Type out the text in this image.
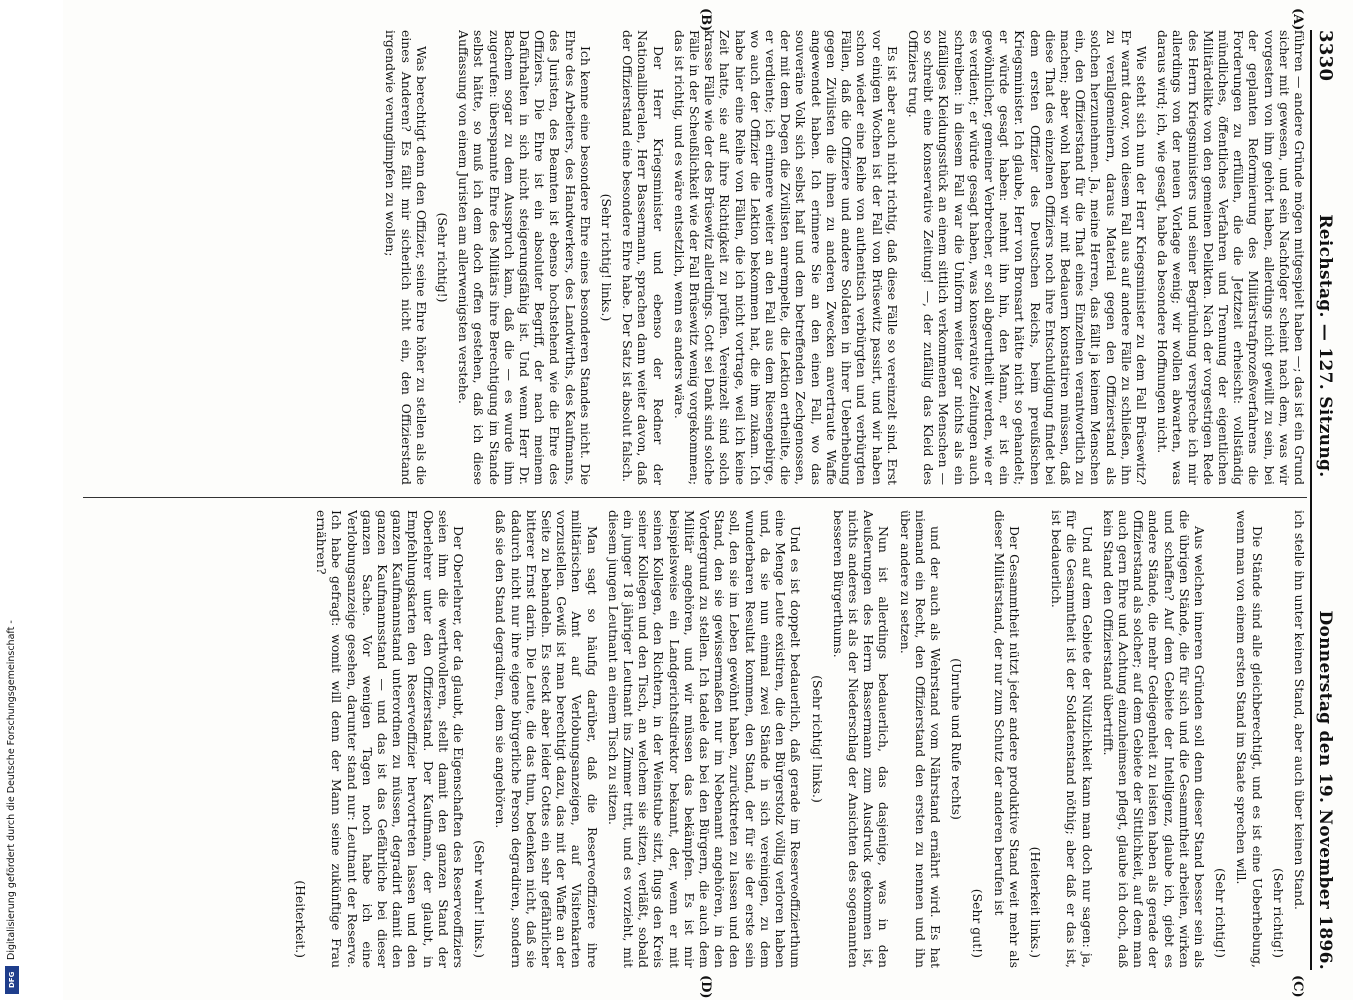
3330
Reichstag. — 127. Sitzung.
Donnerstag den 19. November 1896.
(A)
(B)
(C)
(D)

führen — andere Gründe mögen mitgespielt haben —; das ist ein Grund sicher mit gewesen, und sein Nachfolger scheint nach dem, was wir vorgestern von ihm gehört haben, allerdings nicht gewillt zu sein, bei der geplanten Reformierung des Militärstrafprozeßverfahrens die Forderungen zu erfüllen, die die Jetztzeit erheischt: vollständig mündliches, öffentliches Verfahren und Trennung der eigentlichen Militärdelikte von den gemeinen Delikten. Nach der vorgestrigen Rede des Herrn Kriegsministers und seiner Begründung verspreche ich mir allerdings von der neuen Vorlage wenig; wir wollen abwarten, was daraus wird; ich, wie gesagt, habe da besondere Hoffnungen nicht.

Wie steht sich nun der Herr Kriegsminister zu dem Fall Brüsewitz? Er warnt davor, von diesem Fall aus auf andere Fälle zu schließen, ihn zu verallgemeinern, daraus Material gegen den Offizierstand als solchen herzunehmen. Ja, meine Herren, das fällt ja keinem Menschen ein, den Offizierstand für die That eines Einzelnen verantwortlich zu machen; aber wohl haben wir mit Bedauern konstatiren müssen, daß diese That des einzelnen Offiziers noch ihre Entschuldigung findet bei dem ersten Offizier des Deutschen Reichs, beim preußischen Kriegsminister. Ich glaube, Herr von Bronsart hätte nicht so gehandelt; er würde gesagt haben: nehmt ihn hin, den Mann, er ist ein gewöhnlicher, gemeiner Verbrecher, er soll abgeurtheilt werden, wie er es verdient; er würde gesagt haben, was konservative Zeitungen auch schreiben: in diesem Fall war die Uniform weiter gar nichts als ein zufälliges Kleidungsstück an einem sittlich verkommenen Menschen — so schreibt eine konservative Zeitung! —, der zufällig das Kleid des Offiziers trug.

Es ist aber auch nicht richtig, daß diese Fälle so vereinzelt sind. Erst vor einigen Wochen ist der Fall von Brüsewitz passirt, und wir haben schon wieder eine Reihe von authentisch verbürgten und verbürgten Fällen, daß die Offiziere und andere Soldaten in ihrer Ueberhebung gegen Zivilisten die ihnen zu anderen Zwecken anvertraute Waffe angewendet haben. Ich erinnere Sie an den einen Fall, wo das souveräne Volk sich selbst half und dem betreffenden Zechgenossen, der mit dem Degen die Zivilisten anrempelte, die Lektion ertheilte, die er verdiente; ich erinnere weiter an den Fall aus dem Riesengebirge, wo auch der Offizier die Lektion bekommen hat, die ihm zukam. Ich habe hier eine Reihe von Fällen, die ich nicht vortrage, weil ich keine Zeit hatte, sie auf ihre Richtigkeit zu prüfen. Vereinzelt sind solch krasse Fälle wie der des Brüsewitz allerdings. Gott sei Dank sind solche Fälle in der Scheußlichkeit wie der Fall Brüsewitz wenig vorgekommen; das ist richtig, und es wäre entsetzlich, wenn es anders wäre.

Der Herr Kriegsminister und ebenso der Redner der Nationalliberalen, Herr Bassermann, sprachen dann weiter davon, daß der Offizierstand eine besondere Ehre habe. Der Satz ist absolut falsch.

(Sehr richtig! links.)

Ich kenne eine besondere Ehre eines besonderen Standes nicht. Die Ehre des Arbeiters, des Handwerkers, des Landwirths, des Kaufmanns, des Juristen, des Beamten ist ebenso hochstehend wie die Ehre des Offiziers. Die Ehre ist ein absoluter Begriff, der nach meinem Dafürhalten in sich nicht steigerungsfähig ist. Und wenn Herr Dr. Bachem sogar zu dem Ausspruch kam, daß die — es wurde ihm zugerufen: überspannte Ehre des Militärs ihre Berechtigung im Stande selbst hätte, so muß ich dem doch offen gestehen, daß ich diese Auffassung von einem Juristen am allerwenigsten verstehe.

(Sehr richtig!)

Was berechtigt denn den Offizier, seine Ehre höher zu stellen als die eines Anderen? Es fällt mir sicherlich nicht ein, den Offizierstand irgendwie verunglimpfen zu wollen;

ich stelle ihn unter keinen Stand, aber auch über keinen Stand.

(Sehr richtig!)

Die Stände sind alle gleichberechtigt, und es ist eine Ueberhebung, wenn man von einem ersten Stand im Staate sprechen will.

(Sehr richtig!)

Aus welchen inneren Gründen soll denn dieser Stand besser sein als die übrigen Stände, die für sich und die Gesammtheit arbeiten, wirken und schaffen? Auf dem Gebiete der Intelligenz, glaube ich, giebt es andere Stände, die mehr Gediegenheit zu leisten haben als gerade der Offizierstand als solcher; auf dem Gebiete der Sittlichkeit, auf dem man auch gern Ehre und Achtung einzuheimsen pflegt, glaube ich doch, daß kein Stand den Offizierstand übertrifft.

Und auf dem Gebiete der Nützlichkeit kann man doch nur sagen: ja, für die Gesammtheit ist der Soldatenstand nöthig; aber daß er das ist, ist bedauerlich.

(Heiterkeit links.)

Der Gesammtheit nützt jeder andere produktive Stand weit mehr als dieser Militärstand, der nur zum Schutz der anderen berufen ist

(Sehr gut!)

(Unruhe und Rufe rechts)

und der auch als Wehrstand vom Nährstand ernährt wird. Es hat niemand ein Recht, den Offizierstand den ersten zu nennen und ihn über andere zu setzen.

Nun ist allerdings bedauerlich, das dasjenige, was in den Aeußerungen des Herrn Bassermann zum Ausdruck gekommen ist, nichts anderes ist als der Niederschlag der Ansichten des sogenannten besseren Bürgerthums.

(Sehr richtig! links.)

Und es ist doppelt bedauerlich, daß gerade im Reserveoffizierthum eine Menge Leute existiren, die den Bürgerstolz völlig verloren haben und, da sie nun einmal zwei Stände in sich vereinigen, zu dem wunderbaren Resultat kommen, den Stand, der für sie der erste sein soll, den sie im Leben gewöhnt haben, zurücktreten zu lassen und den Stand, den sie gewissermaßen nur im Nebenamt angehören, in den Vordergrund zu stellen. Ich tadele das bei den Bürgern, die auch dem Militär angehören, und wir müssen das bekämpfen. Es ist mir beispielsweise ein Landgerichtsdirektor bekannt, der, wenn er mit seinen Kollegen, den Richtern, in der Weinstube sitzt, flugs den Kreis seiner Kollegen und den Tisch, an welchem sie sitzen, verläßt, sobald ein junger 18 jähriger Leutnant ins Zimmer tritt, und es vorzieht, mit diesem jungen Leutnant an einem Tisch zu sitzen.

Man sagt so häufig darüber, daß die Reserveoffiziere ihre militärischen Amt auf Verlobungsanzeigen, auf Visitenkarten vorzustellen. Gewiß ist man berechtigt dazu, das mit der Waffe an der Seite zu behandeln. Es steckt aber leider Gottes ein sehr gefährlicher bitterer Ernst darin. Die Leute, die das thun, bedenken nicht, daß sie dadurch nicht nur ihre eigene bürgerliche Person degradiren, sondern daß sie den Stand degradiren, dem sie angehören.

(Sehr wahr! links.)

Der Oberlehrer, der da glaubt, die Eigenschaften des Reserveoffiziers seien ihm die werthvolleren, stellt damit den ganzen Stand der Oberlehrer unter den Offizierstand. Der Kaufmann, der glaubt, in Empfehlungskarten den Reserveoffizier hervortreten lassen und den ganzen Kaufmannstand unterordnen zu müssen, degradirt damit den ganzen Kaufmannsstand — und das ist das Gefährliche bei dieser ganzen Sache. Vor wenigen Tagen noch habe ich eine Verlobungsanzeige gesehen, darunter stand nur: Leutnant der Reserve. Ich habe gefragt: womit will denn der Mann seine zukünftige Frau ernähren?

(Heiterkeit.)

Digitalisierung gefördert durch die Deutsche Forschungsgemeinschaft -
DFG
